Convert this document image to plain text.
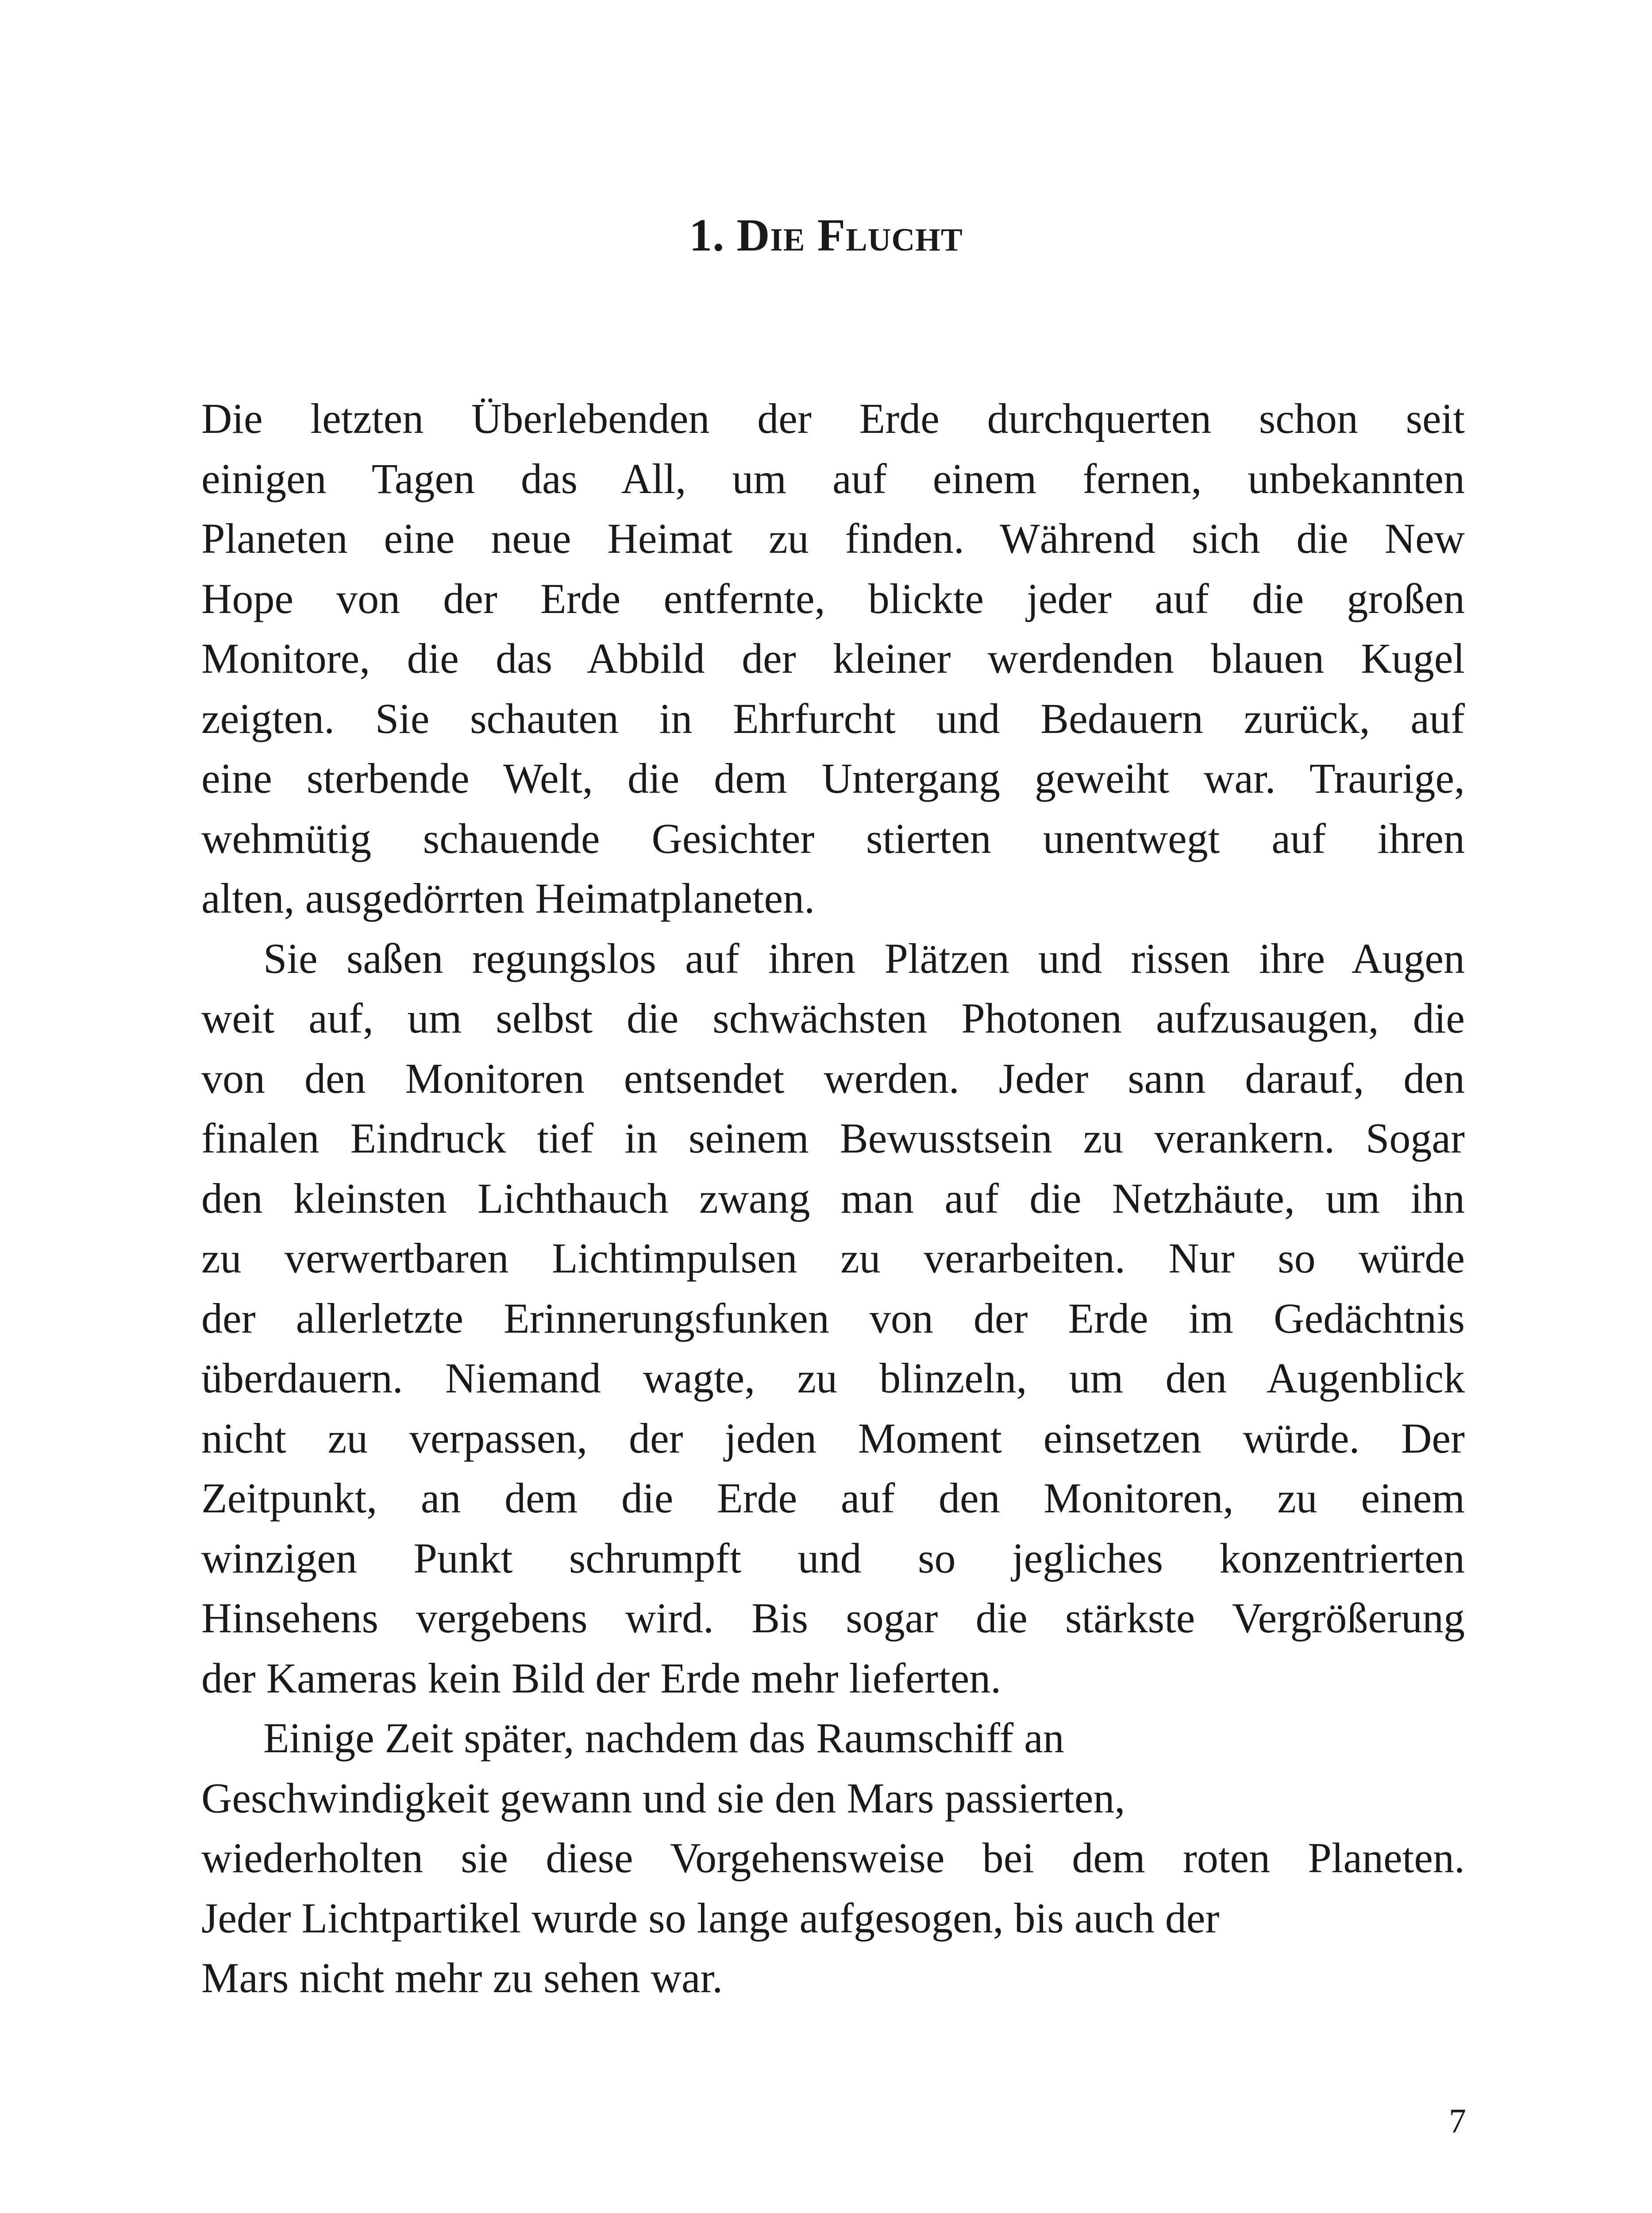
1. Die Flucht
Die letzten Überlebenden der Erde durchquerten schon seit
einigen Tagen das All, um auf einem fernen, unbekannten
Planeten eine neue Heimat zu finden. Während sich die New
Hope von der Erde entfernte, blickte jeder auf die großen
Monitore, die das Abbild der kleiner werdenden blauen Kugel
zeigten. Sie schauten in Ehrfurcht und Bedauern zurück, auf
eine sterbende Welt, die dem Untergang geweiht war. Traurige,
wehmütig schauende Gesichter stierten unentwegt auf ihren
alten, ausgedörrten Heimatplaneten.
Sie saßen regungslos auf ihren Plätzen und rissen ihre Augen
weit auf, um selbst die schwächsten Photonen aufzusaugen, die
von den Monitoren entsendet werden. Jeder sann darauf, den
finalen Eindruck tief in seinem Bewusstsein zu verankern. Sogar
den kleinsten Lichthauch zwang man auf die Netzhäute, um ihn
zu verwertbaren Lichtimpulsen zu verarbeiten. Nur so würde
der allerletzte Erinnerungsfunken von der Erde im Gedächtnis
überdauern. Niemand wagte, zu blinzeln, um den Augenblick
nicht zu verpassen, der jeden Moment einsetzen würde. Der
Zeitpunkt, an dem die Erde auf den Monitoren, zu einem
winzigen Punkt schrumpft und so jegliches konzentrierten
Hinsehens vergebens wird. Bis sogar die stärkste Vergrößerung
der Kameras kein Bild der Erde mehr lieferten.
Einige Zeit später, nachdem das Raumschiff an
Geschwindigkeit gewann und sie den Mars passierten,
wiederholten sie diese Vorgehensweise bei dem roten Planeten.
Jeder Lichtpartikel wurde so lange aufgesogen, bis auch der
Mars nicht mehr zu sehen war.

7
